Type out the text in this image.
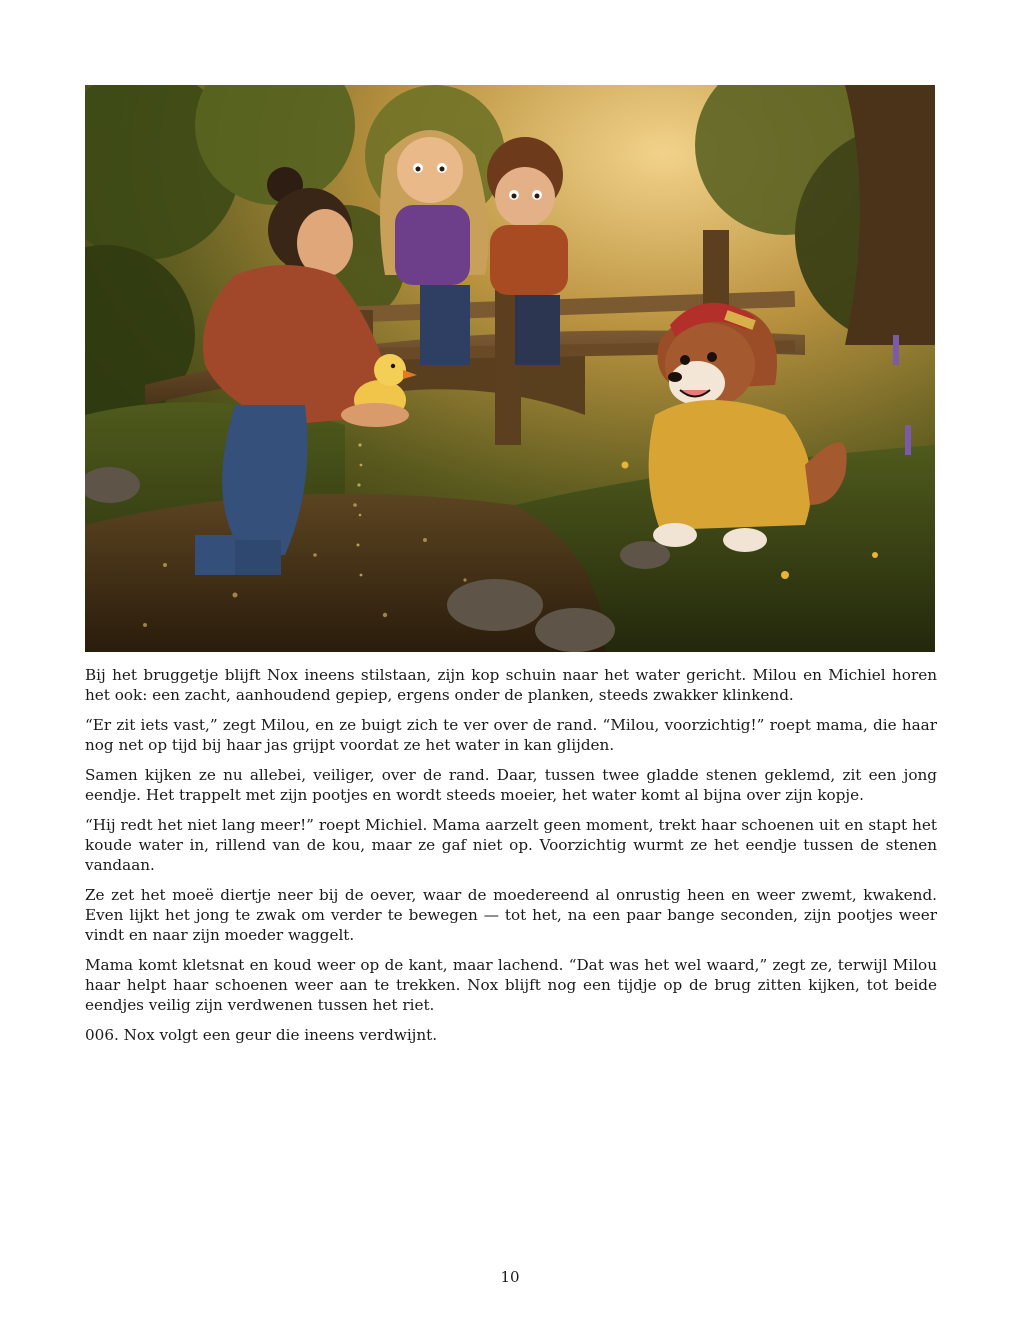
Bij het bruggetje blijft Nox ineens stilstaan, zijn kop schuin naar het water gericht. Milou en Michiel horen het ook: een zacht, aanhoudend gepiep, ergens onder de planken, steeds zwakker klinkend.

“Er zit iets vast,” zegt Milou, en ze buigt zich te ver over de rand. “Milou, voorzichtig!” roept mama, die haar nog net op tijd bij haar jas grijpt voordat ze het water in kan glijden.

Samen kijken ze nu allebei, veiliger, over de rand. Daar, tussen twee gladde stenen geklemd, zit een jong eendje. Het trappelt met zijn pootjes en wordt steeds moeier, het water komt al bijna over zijn kopje.

“Hij redt het niet lang meer!” roept Michiel. Mama aarzelt geen moment, trekt haar schoenen uit en stapt het koude water in, rillend van de kou, maar ze gaf niet op. Voorzichtig wurmt ze het eendje tussen de stenen vandaan.

Ze zet het moeë diertje neer bij de oever, waar de moedereend al onrustig heen en weer zwemt, kwakend. Even lijkt het jong te zwak om verder te bewegen — tot het, na een paar bange seconden, zijn pootjes weer vindt en naar zijn moeder waggelt.

Mama komt kletsnat en koud weer op de kant, maar lachend. “Dat was het wel waard,” zegt ze, terwijl Milou haar helpt haar schoenen weer aan te trekken. Nox blijft nog een tijdje op de brug zitten kijken, tot beide eendjes veilig zijn verdwenen tussen het riet.

006. Nox volgt een geur die ineens verdwijnt.

10
